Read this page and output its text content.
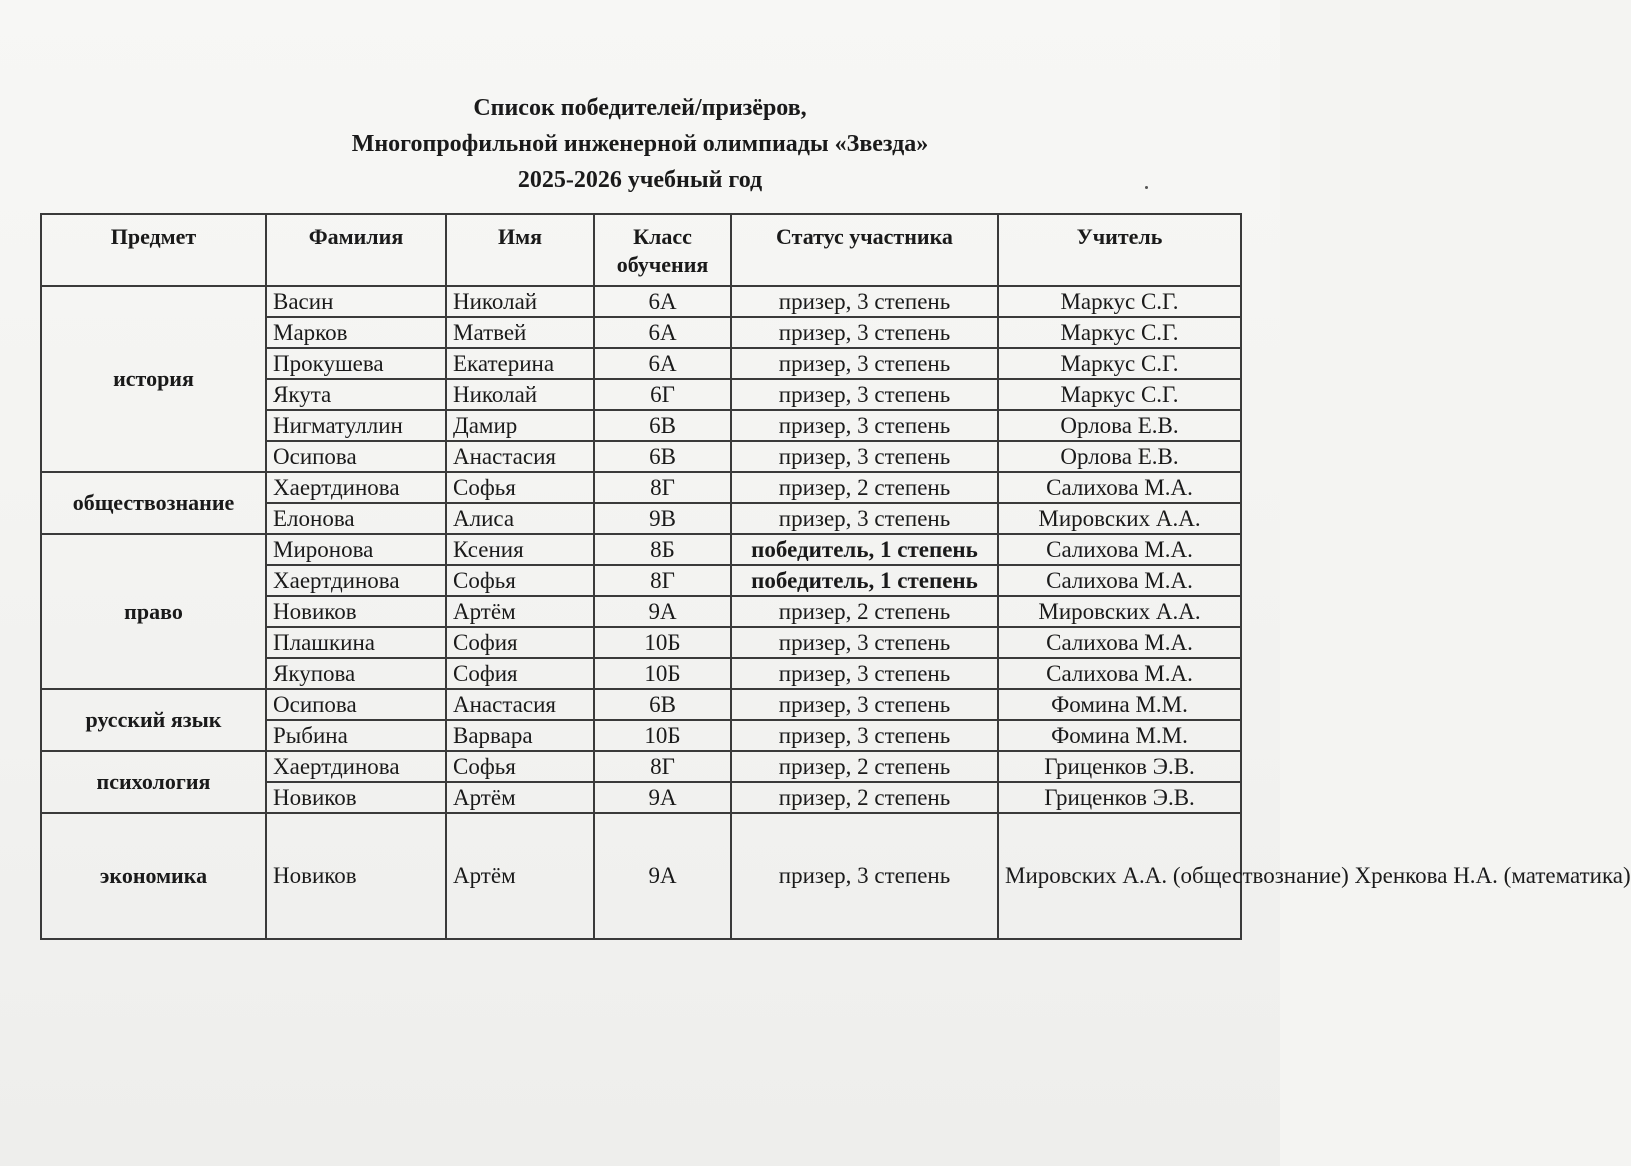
Список победителей/призёров,
Многопрофильной инженерной олимпиады «Звезда»
2025-2026 учебный год
Предмет	Фамилия	Имя	Класс обучения	Статус участника	Учитель
история	Васин	Николай	6А	призер, 3 степень	Маркус С.Г.
	Марков	Матвей	6А	призер, 3 степень	Маркус С.Г.
	Прокушева	Екатерина	6А	призер, 3 степень	Маркус С.Г.
	Якута	Николай	6Г	призер, 3 степень	Маркус С.Г.
	Нигматуллин	Дамир	6В	призер, 3 степень	Орлова Е.В.
	Осипова	Анастасия	6В	призер, 3 степень	Орлова Е.В.
обществознание	Хаертдинова	Софья	8Г	призер, 2 степень	Салихова М.А.
	Елонова	Алиса	9В	призер, 3 степень	Мировских А.А.
право	Миронова	Ксения	8Б	победитель, 1 степень	Салихова М.А.
	Хаертдинова	Софья	8Г	победитель, 1 степень	Салихова М.А.
	Новиков	Артём	9А	призер, 2 степень	Мировских А.А.
	Плашкина	София	10Б	призер, 3 степень	Салихова М.А.
	Якупова	София	10Б	призер, 3 степень	Салихова М.А.
русский язык	Осипова	Анастасия	6В	призер, 3 степень	Фомина М.М.
	Рыбина	Варвара	10Б	призер, 3 степень	Фомина М.М.
психология	Хаертдинова	Софья	8Г	призер, 2 степень	Гриценков Э.В.
	Новиков	Артём	9А	призер, 2 степень	Гриценков Э.В.
экономика	Новиков	Артём	9А	призер, 3 степень	Мировских А.А. (обществознание) Хренкова Н.А. (математика)
